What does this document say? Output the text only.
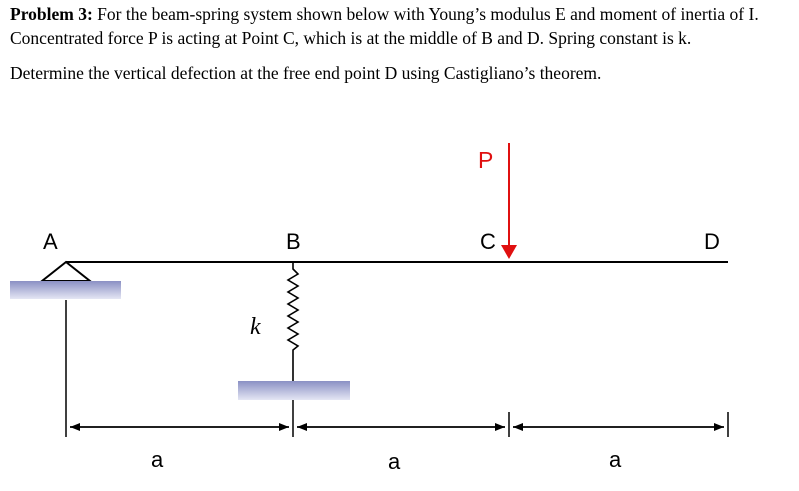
Problem 3: For the beam-spring system shown below with Young’s modulus E and moment of inertia of I. Concentrated force P is acting at Point C, which is at the middle of B and D. Spring constant is k.

Determine the vertical defection at the free end point D using Castigliano’s theorem.

k
A	B	C	D
P
a	a	a
